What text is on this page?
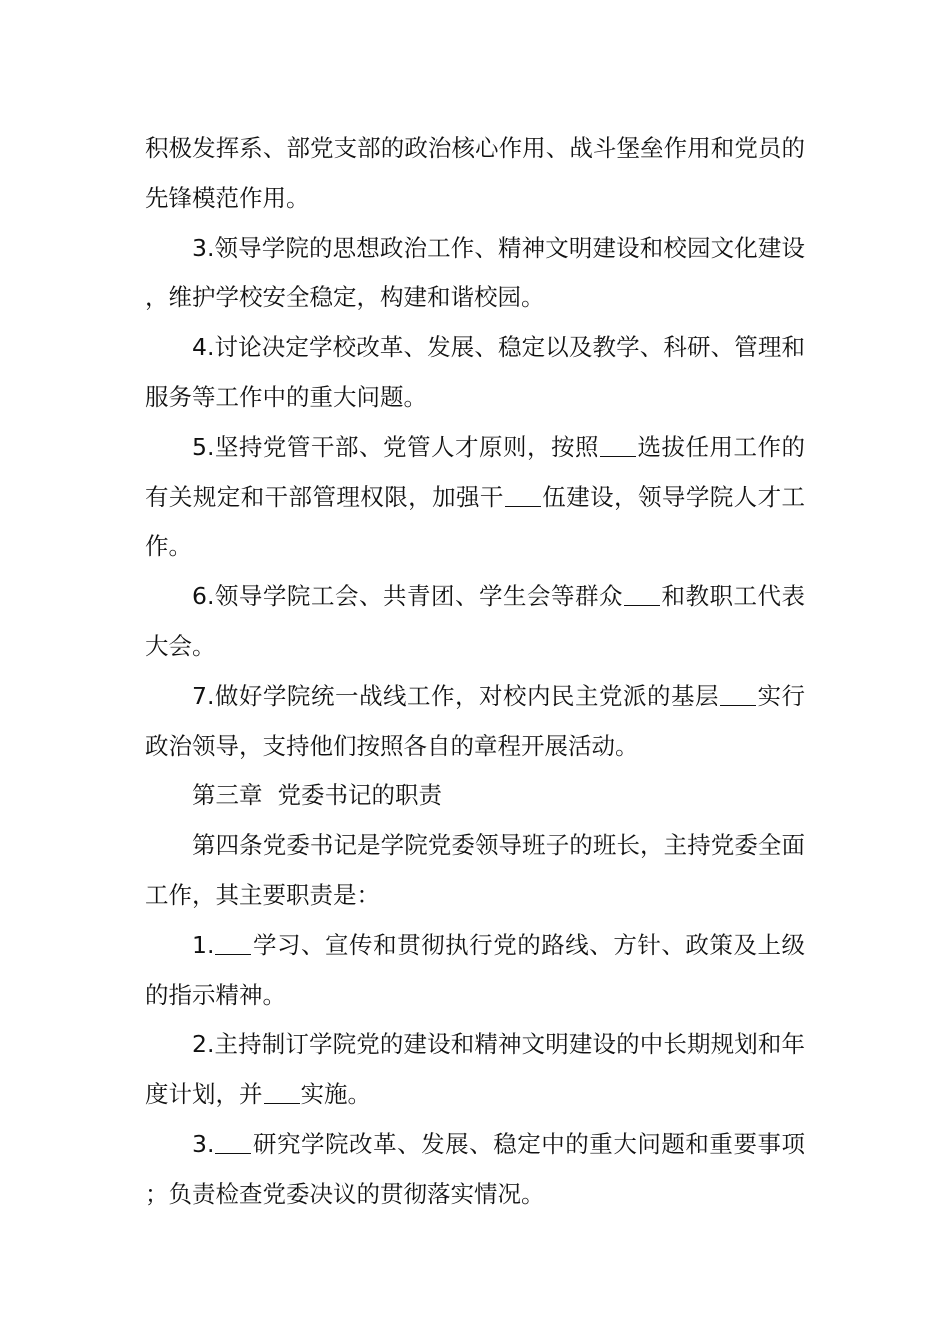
积极发挥系、部党支部的政治核心作用、战斗堡垒作用和党员的先锋模范作用。

3.领导学院的思想政治工作、精神文明建设和校园文化建设，维护学校安全稳定，构建和谐校园。

4.讨论决定学校改革、发展、稳定以及教学、科研、管理和服务等工作中的重大问题。

5.坚持党管干部、党管人才原则，按照 选拔任用工作的有关规定和干部管理权限，加强干 伍建设，领导学院人才工作。

6.领导学院工会、共青团、学生会等群众 和教职工代表大会。

7.做好学院统一战线工作，对校内民主党派的基层 实行政治领导，支持他们按照各自的章程开展活动。

第三章  党委书记的职责

第四条党委书记是学院党委领导班子的班长，主持党委全面工作，其主要职责是：

1. 学习、宣传和贯彻执行党的路线、方针、政策及上级的指示精神。

2.主持制订学院党的建设和精神文明建设的中长期规划和年度计划，并 实施。

3. 研究学院改革、发展、稳定中的重大问题和重要事项；负责检查党委决议的贯彻落实情况。
